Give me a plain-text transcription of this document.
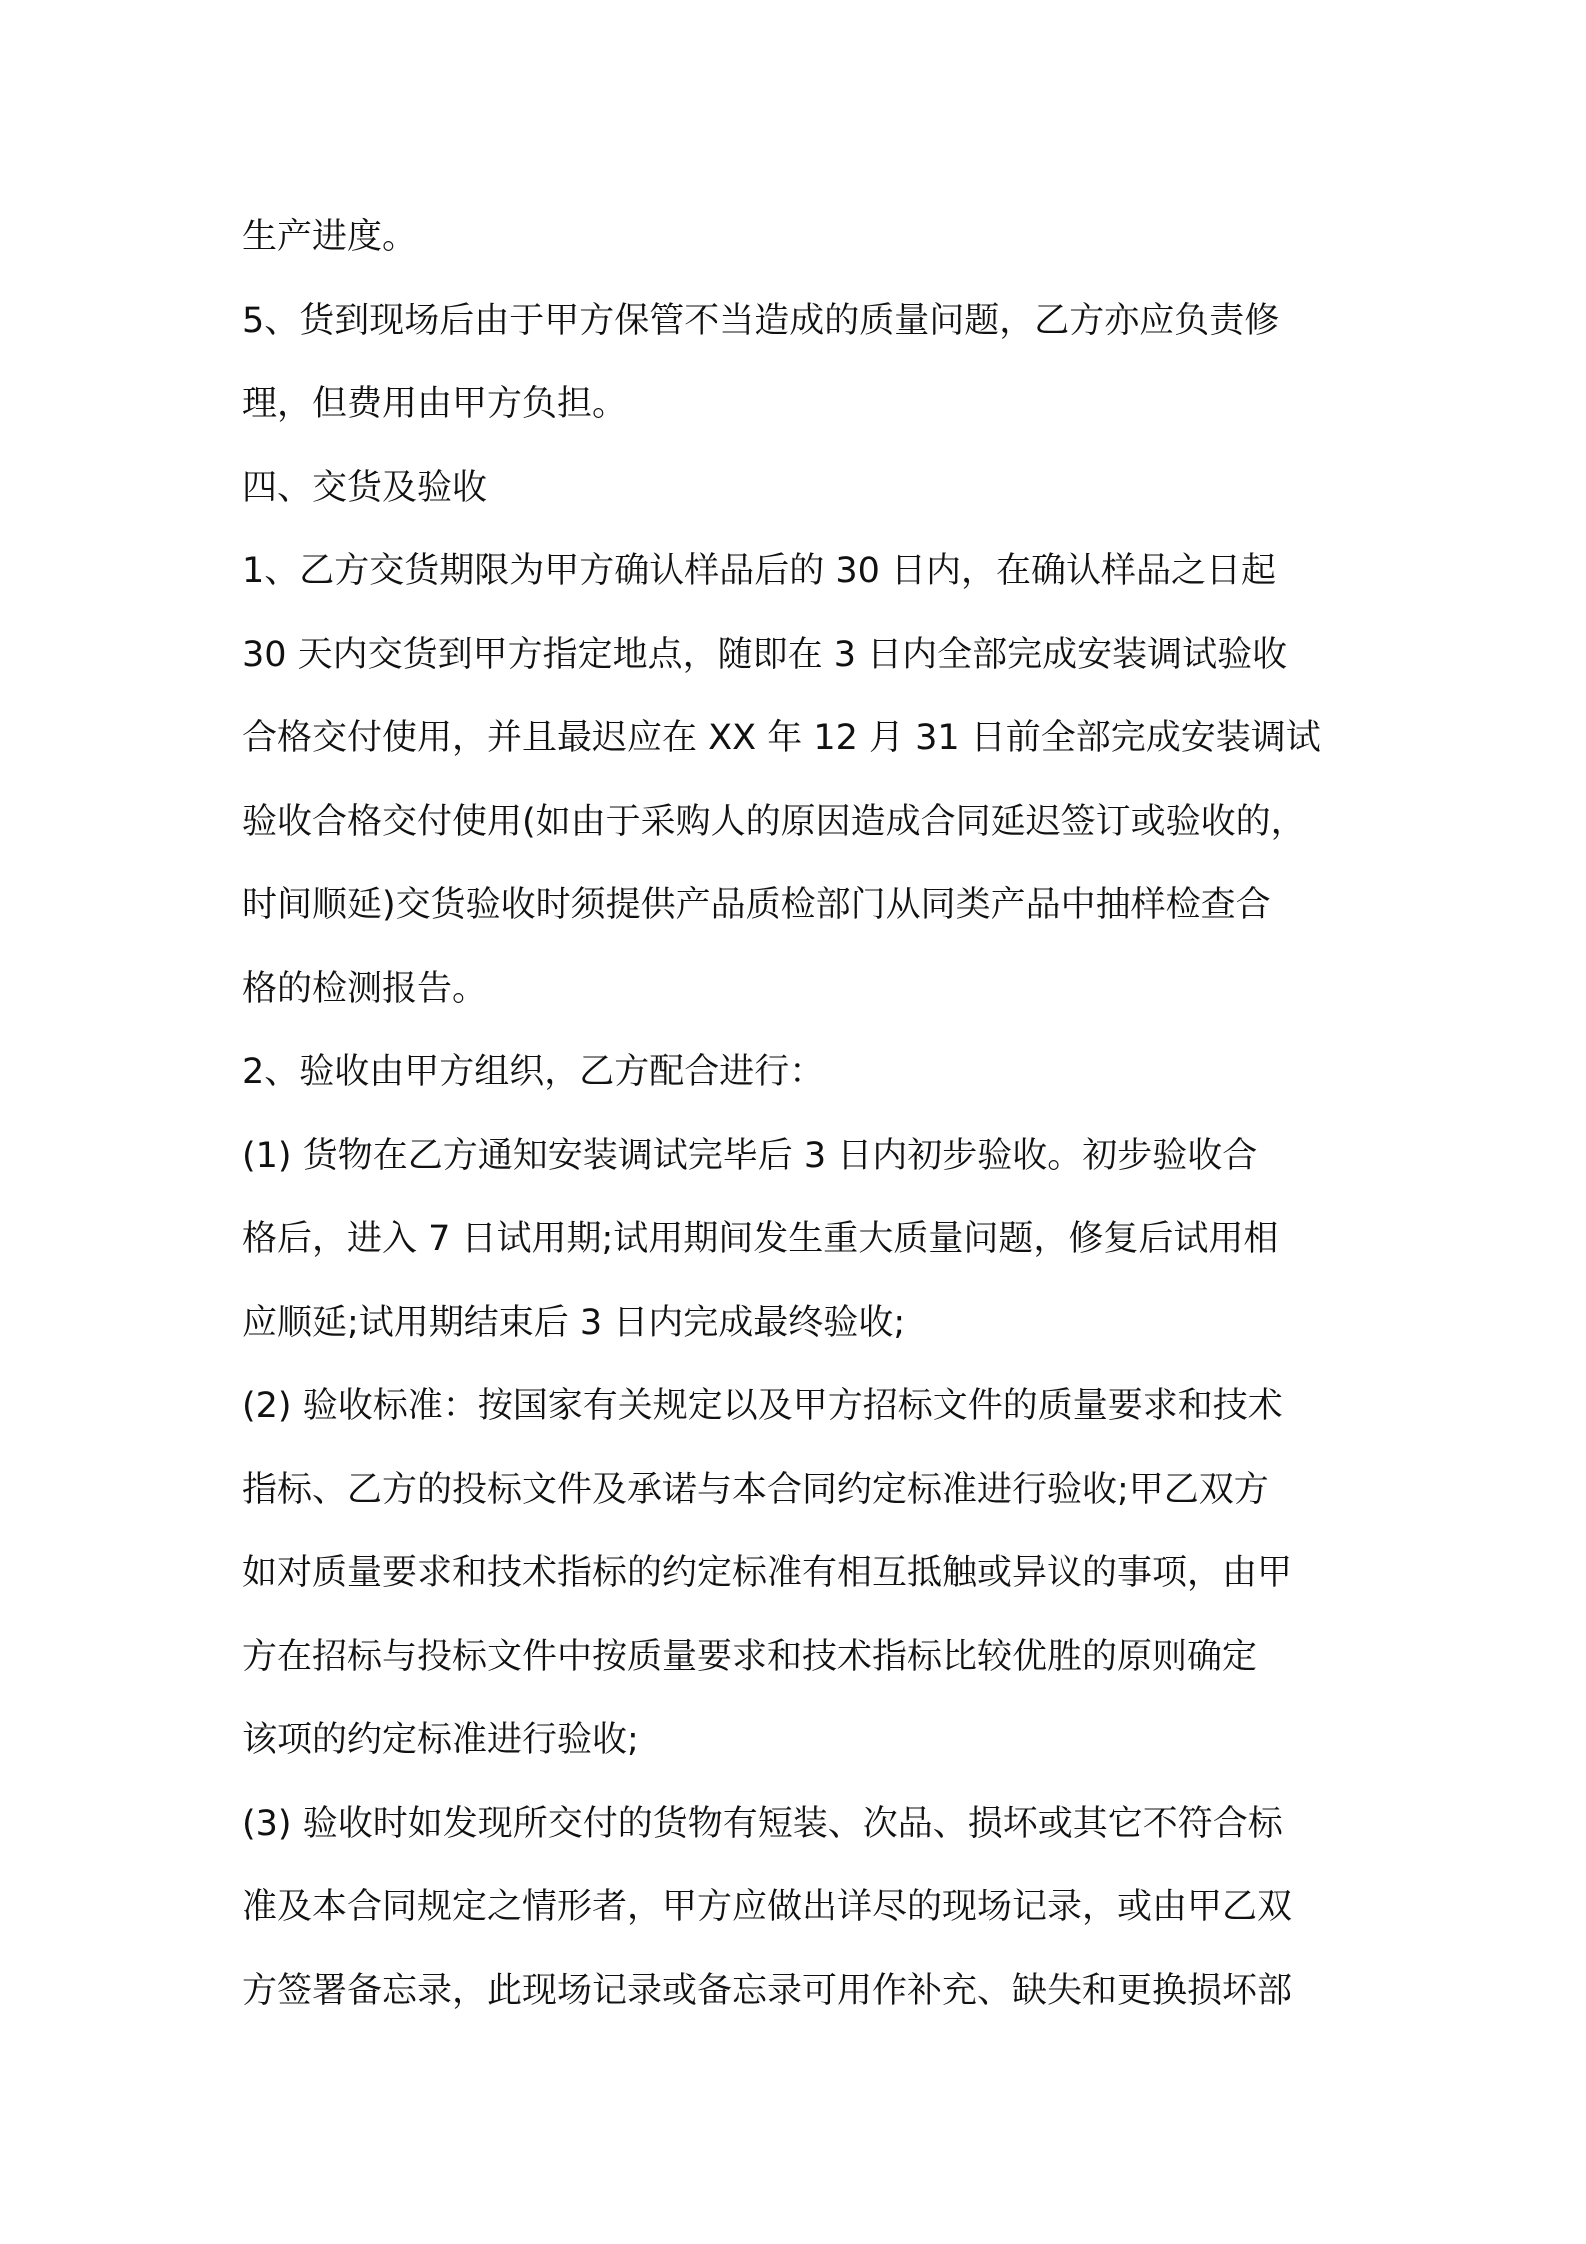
生产进度。
5、货到现场后由于甲方保管不当造成的质量问题，乙方亦应负责修
理，但费用由甲方负担。
四、交货及验收
1、乙方交货期限为甲方确认样品后的 30 日内，在确认样品之日起
30 天内交货到甲方指定地点，随即在 3 日内全部完成安装调试验收
合格交付使用，并且最迟应在 XX 年 12 月 31 日前全部完成安装调试
验收合格交付使用(如由于采购人的原因造成合同延迟签订或验收的，
时间顺延)交货验收时须提供产品质检部门从同类产品中抽样检查合
格的检测报告。
2、验收由甲方组织，乙方配合进行：
(1) 货物在乙方通知安装调试完毕后 3 日内初步验收。初步验收合
格后，进入 7 日试用期;试用期间发生重大质量问题，修复后试用相
应顺延;试用期结束后 3 日内完成最终验收;
(2) 验收标准：按国家有关规定以及甲方招标文件的质量要求和技术
指标、乙方的投标文件及承诺与本合同约定标准进行验收;甲乙双方
如对质量要求和技术指标的约定标准有相互抵触或异议的事项，由甲
方在招标与投标文件中按质量要求和技术指标比较优胜的原则确定
该项的约定标准进行验收;
(3) 验收时如发现所交付的货物有短装、次品、损坏或其它不符合标
准及本合同规定之情形者，甲方应做出详尽的现场记录，或由甲乙双
方签署备忘录，此现场记录或备忘录可用作补充、缺失和更换损坏部
